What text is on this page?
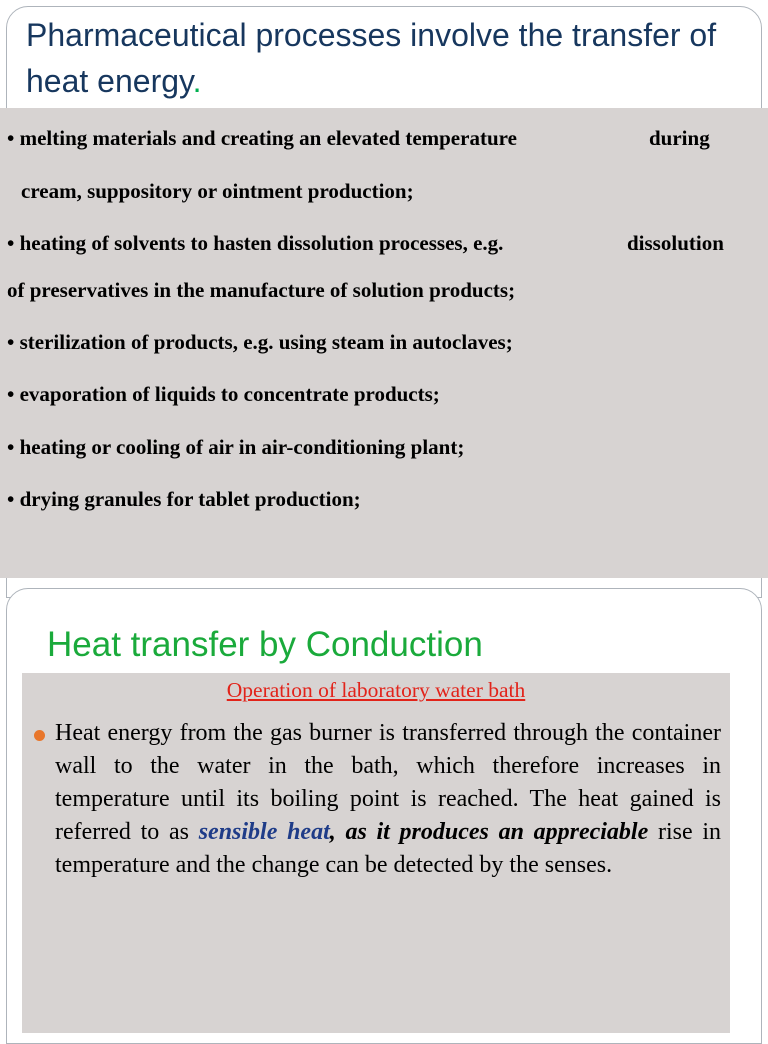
Pharmaceutical processes involve the transfer of heat energy.
• melting materials and creating an elevated temperature	during
cream, suppository or ointment production;
• heating of solvents to hasten dissolution processes, e.g.	dissolution
of preservatives in the manufacture of solution products;
• sterilization of products, e.g. using steam in autoclaves;
• evaporation of liquids to concentrate products;
• heating or cooling of air in air-conditioning plant;
• drying granules for tablet production;
Heat transfer by Conduction
Operation of laboratory water bath
Heat energy from the gas burner is transferred through the container wall to the water in the bath, which therefore increases in temperature until its boiling point is reached. The heat gained is referred to as sensible heat, as it produces an appreciable rise in temperature and the change can be detected by the senses.
